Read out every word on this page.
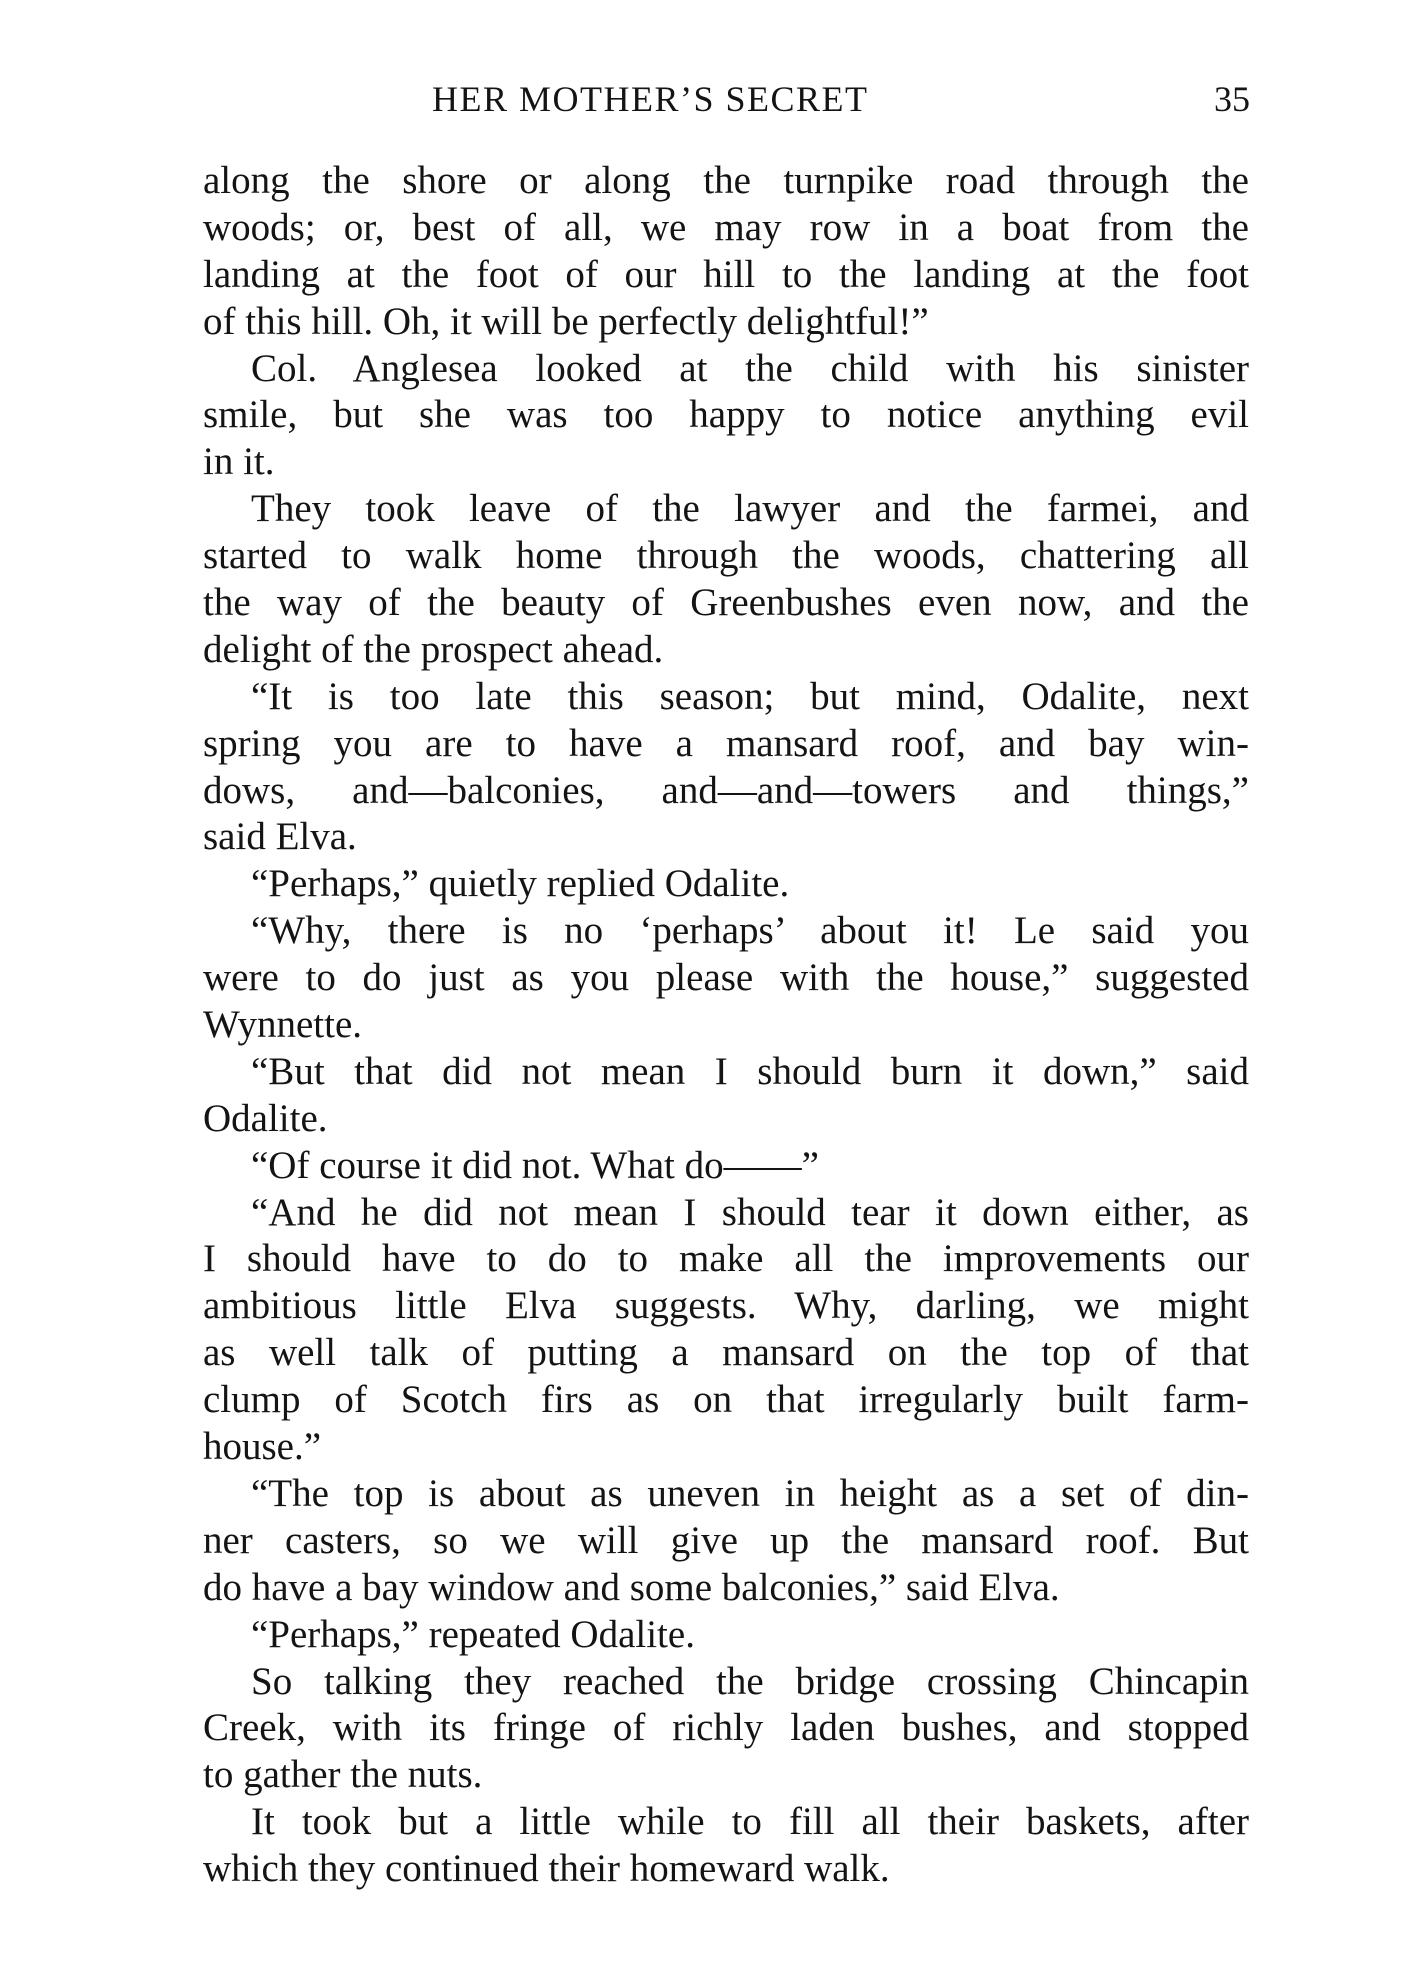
HER MOTHER’S SECRET	35
along the shore or along the turnpike road through the
woods; or, best of all, we may row in a boat from the
landing at the foot of our hill to the landing at the foot
of this hill. Oh, it will be perfectly delightful!”
Col. Anglesea looked at the child with his sinister
smile, but she was too happy to notice anything evil
in it.
They took leave of the lawyer and the farmei, and
started to walk home through the woods, chattering all
the way of the beauty of Greenbushes even now, and the
delight of the prospect ahead.
“It is too late this season; but mind, Odalite, next
spring you are to have a mansard roof, and bay win-
dows, and—balconies, and—and—towers and things,”
said Elva.
“Perhaps,” quietly replied Odalite.
“Why, there is no ‘perhaps’ about it! Le said you
were to do just as you please with the house,” suggested
Wynnette.
“But that did not mean I should burn it down,” said
Odalite.
“Of course it did not. What do——”
“And he did not mean I should tear it down either, as
I should have to do to make all the improvements our
ambitious little Elva suggests. Why, darling, we might
as well talk of putting a mansard on the top of that
clump of Scotch firs as on that irregularly built farm-
house.”
“The top is about as uneven in height as a set of din-
ner casters, so we will give up the mansard roof. But
do have a bay window and some balconies,” said Elva.
“Perhaps,” repeated Odalite.
So talking they reached the bridge crossing Chincapin
Creek, with its fringe of richly laden bushes, and stopped
to gather the nuts.
It took but a little while to fill all their baskets, after
which they continued their homeward walk.
